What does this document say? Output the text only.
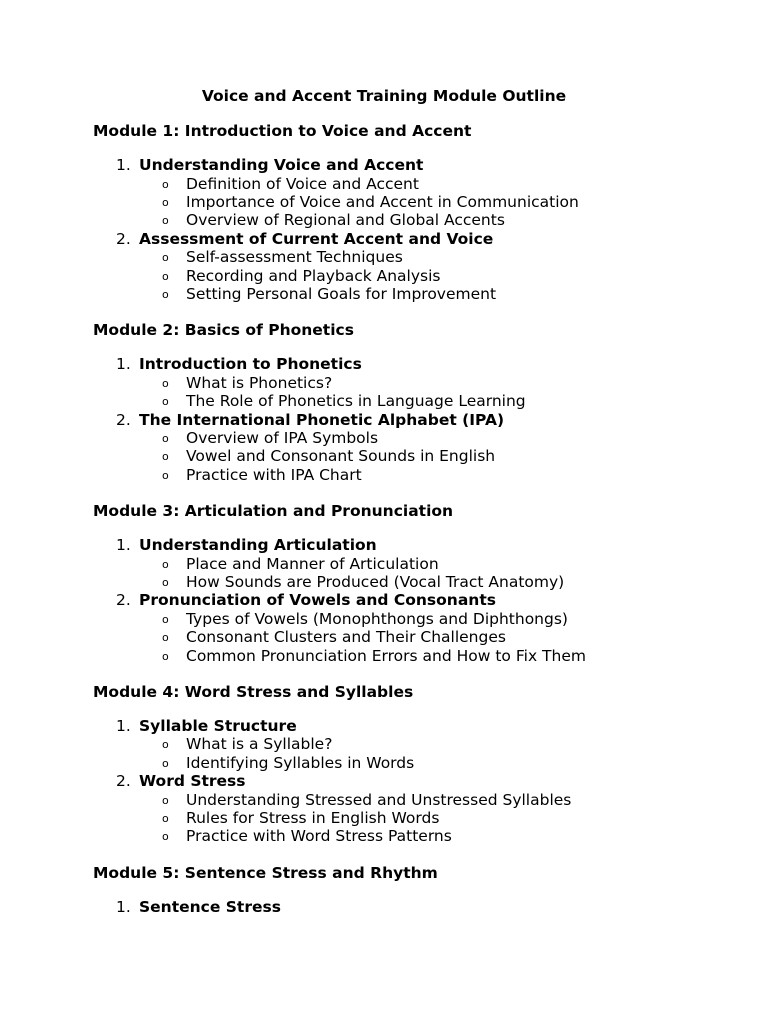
Voice and Accent Training Module Outline
Module 1: Introduction to Voice and Accent
1. Understanding Voice and Accent
o Definition of Voice and Accent
o Importance of Voice and Accent in Communication
o Overview of Regional and Global Accents
2. Assessment of Current Accent and Voice
o Self-assessment Techniques
o Recording and Playback Analysis
o Setting Personal Goals for Improvement
Module 2: Basics of Phonetics
1. Introduction to Phonetics
o What is Phonetics?
o The Role of Phonetics in Language Learning
2. The International Phonetic Alphabet (IPA)
o Overview of IPA Symbols
o Vowel and Consonant Sounds in English
o Practice with IPA Chart
Module 3: Articulation and Pronunciation
1. Understanding Articulation
o Place and Manner of Articulation
o How Sounds are Produced (Vocal Tract Anatomy)
2. Pronunciation of Vowels and Consonants
o Types of Vowels (Monophthongs and Diphthongs)
o Consonant Clusters and Their Challenges
o Common Pronunciation Errors and How to Fix Them
Module 4: Word Stress and Syllables
1. Syllable Structure
o What is a Syllable?
o Identifying Syllables in Words
2. Word Stress
o Understanding Stressed and Unstressed Syllables
o Rules for Stress in English Words
o Practice with Word Stress Patterns
Module 5: Sentence Stress and Rhythm
1. Sentence Stress
